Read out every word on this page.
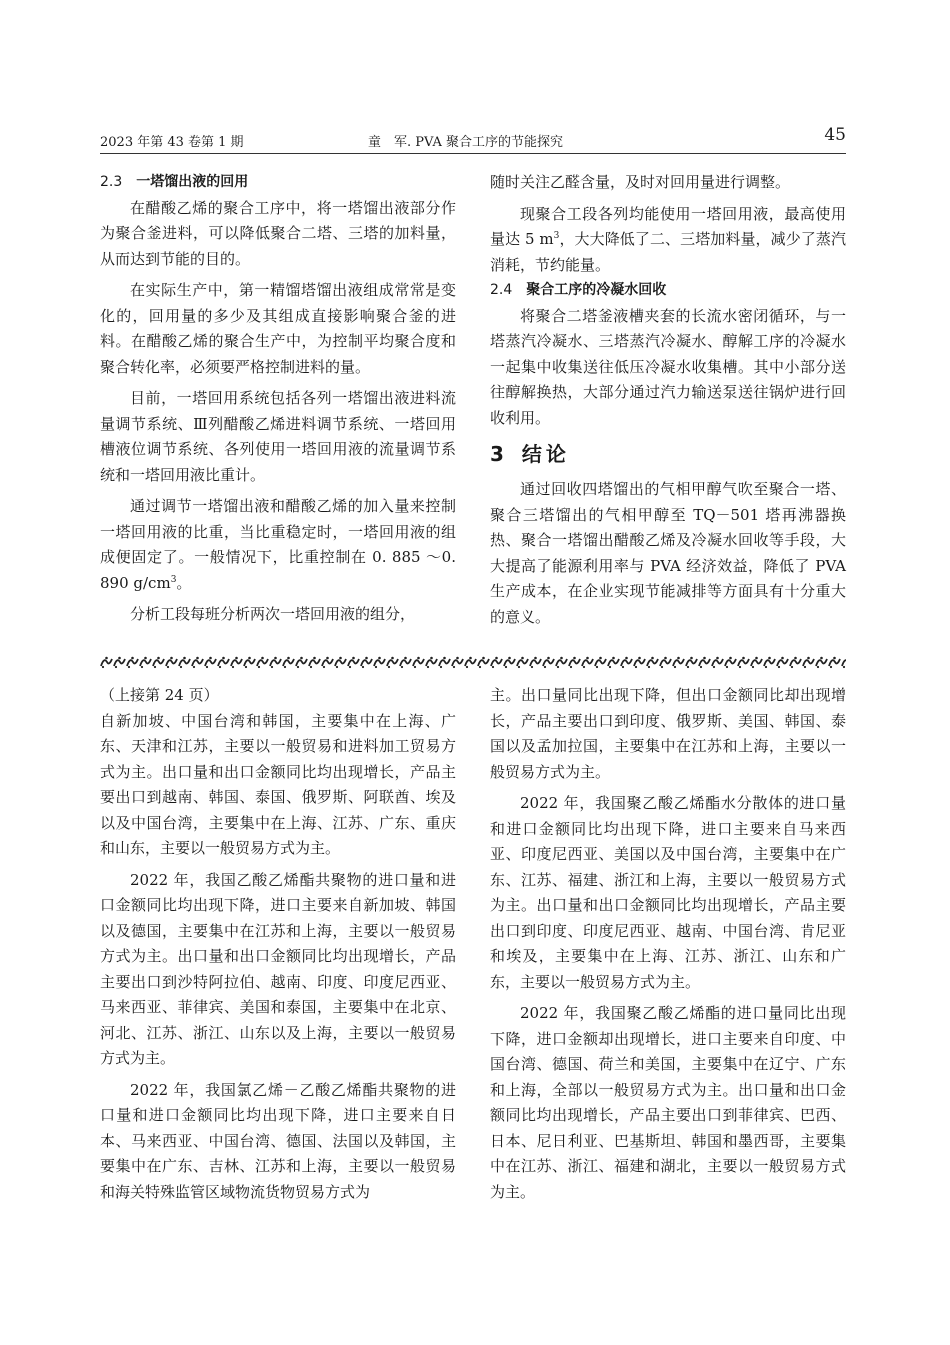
2023 年第 43 卷第 1 期	童　军. PVA 聚合工序的节能探究	45
2.3 一塔馏出液的回用

在醋酸乙烯的聚合工序中，将一塔馏出液部分作为聚合釜进料，可以降低聚合二塔、三塔的加料量，从而达到节能的目的。

在实际生产中，第一精馏塔馏出液组成常常是变化的，回用量的多少及其组成直接影响聚合釜的进料。在醋酸乙烯的聚合生产中，为控制平均聚合度和聚合转化率，必须要严格控制进料的量。

目前，一塔回用系统包括各列一塔馏出液进料流量调节系统、Ⅲ列醋酸乙烯进料调节系统、一塔回用槽液位调节系统、各列使用一塔回用液的流量调节系统和一塔回用液比重计。

通过调节一塔馏出液和醋酸乙烯的加入量来控制一塔回用液的比重，当比重稳定时，一塔回用液的组成便固定了。一般情况下，比重控制在 0. 885 ～0. 890 $g/cm^3$。

分析工段每班分析两次一塔回用液的组分，

随时关注乙醛含量，及时对回用量进行调整。

现聚合工段各列均能使用一塔回用液，最高使用量达 5 $m^3$，大大降低了二、三塔加料量，减少了蒸汽消耗，节约能量。

2.4 聚合工序的冷凝水回收

将聚合二塔釜液槽夹套的长流水密闭循环，与一塔蒸汽冷凝水、三塔蒸汽冷凝水、醇解工序的冷凝水一起集中收集送往低压冷凝水收集槽。其中小部分送往醇解换热，大部分通过汽力输送泵送往锅炉进行回收利用。

3 结论

通过回收四塔馏出的气相甲醇气吹至聚合一塔、聚合三塔馏出的气相甲醇至 TQ－501 塔再沸器换热、聚合一塔馏出醋酸乙烯及冷凝水回收等手段，大大提高了能源利用率与 PVA 经济效益，降低了 PVA 生产成本，在企业实现节能减排等方面具有十分重大的意义。

（上接第 24 页）

自新加坡、中国台湾和韩国，主要集中在上海、广东、天津和江苏，主要以一般贸易和进料加工贸易方式为主。出口量和出口金额同比均出现增长，产品主要出口到越南、韩国、泰国、俄罗斯、阿联酋、埃及以及中国台湾，主要集中在上海、江苏、广东、重庆和山东，主要以一般贸易方式为主。

2022 年，我国乙酸乙烯酯共聚物的进口量和进口金额同比均出现下降，进口主要来自新加坡、韩国以及德国，主要集中在江苏和上海，主要以一般贸易方式为主。出口量和出口金额同比均出现增长，产品主要出口到沙特阿拉伯、越南、印度、印度尼西亚、马来西亚、菲律宾、美国和泰国，主要集中在北京、河北、江苏、浙江、山东以及上海，主要以一般贸易方式为主。

2022 年，我国氯乙烯－乙酸乙烯酯共聚物的进口量和进口金额同比均出现下降，进口主要来自日本、马来西亚、中国台湾、德国、法国以及韩国，主要集中在广东、吉林、江苏和上海，主要以一般贸易和海关特殊监管区域物流货物贸易方式为

主。出口量同比出现下降，但出口金额同比却出现增长，产品主要出口到印度、俄罗斯、美国、韩国、泰国以及孟加拉国，主要集中在江苏和上海，主要以一般贸易方式为主。

2022 年，我国聚乙酸乙烯酯水分散体的进口量和进口金额同比均出现下降，进口主要来自马来西亚、印度尼西亚、美国以及中国台湾，主要集中在广东、江苏、福建、浙江和上海，主要以一般贸易方式为主。出口量和出口金额同比均出现增长，产品主要出口到印度、印度尼西亚、越南、中国台湾、肯尼亚和埃及，主要集中在上海、江苏、浙江、山东和广东，主要以一般贸易方式为主。

2022 年，我国聚乙酸乙烯酯的进口量同比出现下降，进口金额却出现增长，进口主要来自印度、中国台湾、德国、荷兰和美国，主要集中在辽宁、广东和上海，全部以一般贸易方式为主。出口量和出口金额同比均出现增长，产品主要出口到菲律宾、巴西、日本、尼日利亚、巴基斯坦、韩国和墨西哥，主要集中在江苏、浙江、福建和湖北，主要以一般贸易方式为主。
